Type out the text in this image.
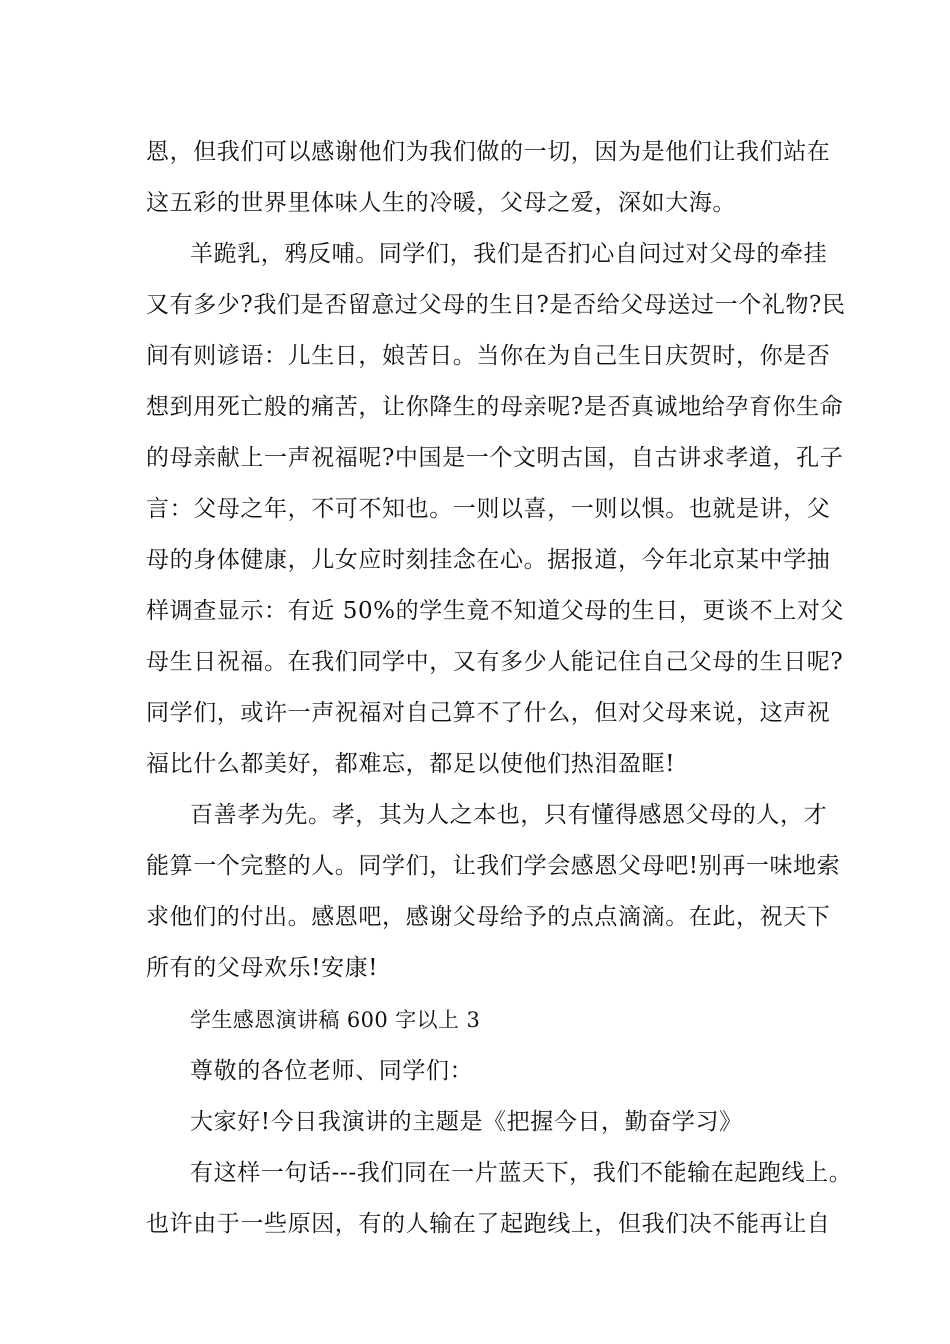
恩，但我们可以感谢他们为我们做的一切，因为是他们让我们站在
这五彩的世界里体味人生的冷暖，父母之爱，深如大海。
羊跪乳，鸦反哺。同学们，我们是否扪心自问过对父母的牵挂
又有多少?我们是否留意过父母的生日?是否给父母送过一个礼物?民
间有则谚语：儿生日，娘苦日。当你在为自己生日庆贺时，你是否
想到用死亡般的痛苦，让你降生的母亲呢?是否真诚地给孕育你生命
的母亲献上一声祝福呢?中国是一个文明古国，自古讲求孝道，孔子
言：父母之年，不可不知也。一则以喜，一则以惧。也就是讲，父
母的身体健康，儿女应时刻挂念在心。据报道，今年北京某中学抽
样调查显示：有近 50%的学生竟不知道父母的生日，更谈不上对父
母生日祝福。在我们同学中，又有多少人能记住自己父母的生日呢?
同学们，或许一声祝福对自己算不了什么，但对父母来说，这声祝
福比什么都美好，都难忘，都足以使他们热泪盈眶!
百善孝为先。孝，其为人之本也，只有懂得感恩父母的人，才
能算一个完整的人。同学们，让我们学会感恩父母吧!别再一味地索
求他们的付出。感恩吧，感谢父母给予的点点滴滴。在此，祝天下
所有的父母欢乐!安康!
学生感恩演讲稿 600 字以上 3
尊敬的各位老师、同学们：
大家好!今日我演讲的主题是《把握今日，勤奋学习》
有这样一句话---我们同在一片蓝天下，我们不能输在起跑线上。
也许由于一些原因，有的人输在了起跑线上，但我们决不能再让自
